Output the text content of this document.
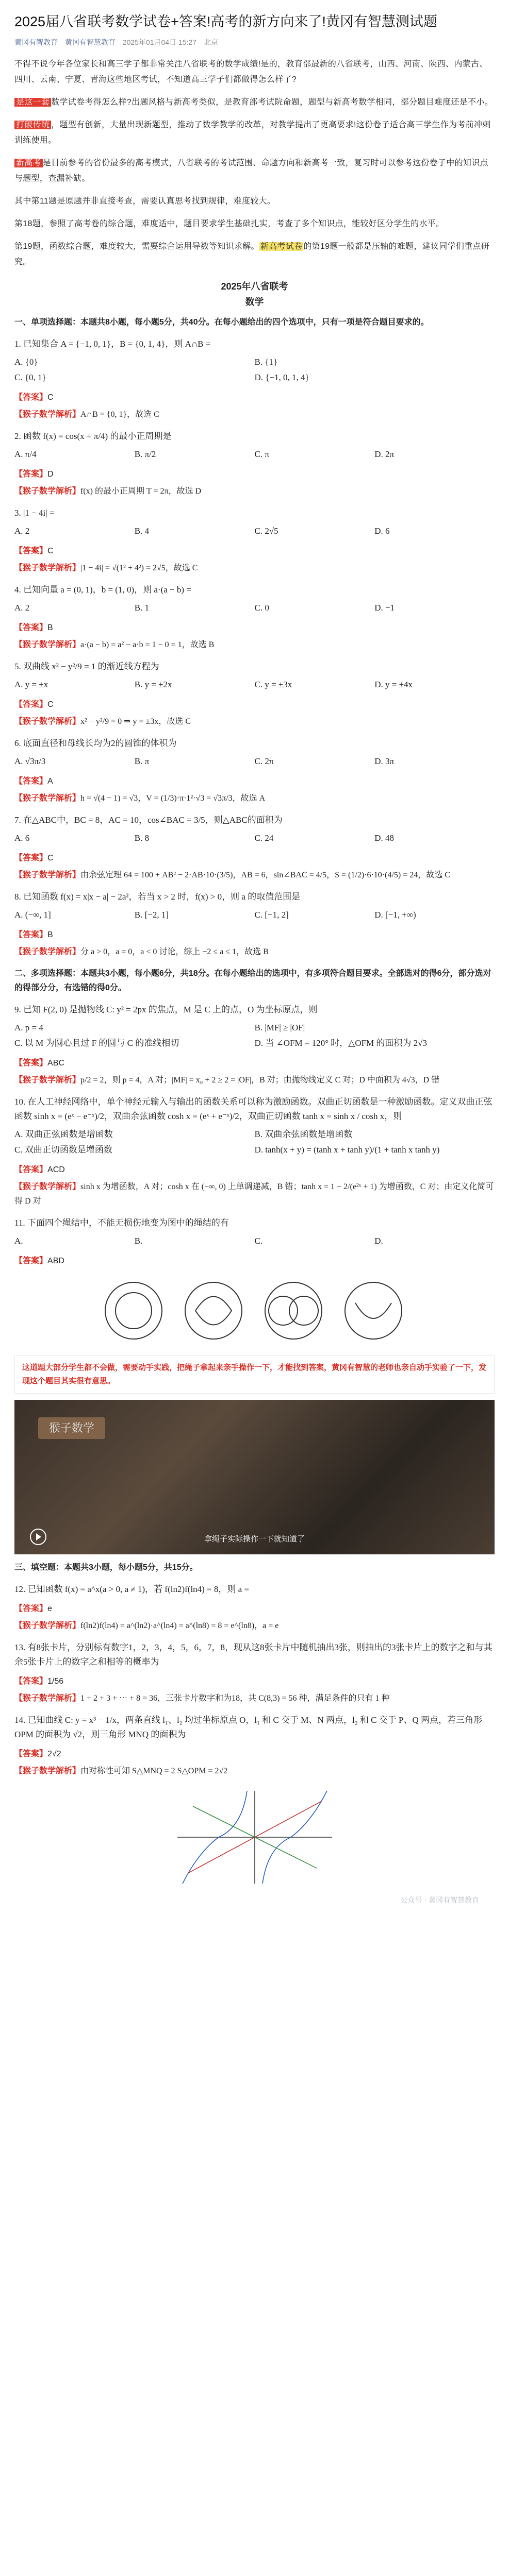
2025届八省联考数学试卷+答案!高考的新方向来了!黄冈有智慧测试题
黄冈有智教育 黄冈有智慧教育 2025年01月04日 15:27 北京

不得不说今年各位家长和高三学子都非常关注八省联考的数学成绩!是的，教育部最新的八省联考，山西、河南、陕西、内蒙古、四川、云南、宁夏、青海这些地区考试，不知道高三学子们都做得怎么样了?

是这一套 数学试卷考得怎么样?出题风格与新高考类似，是教育部考试院命题，题型与新高考数学相同，部分题目难度还是不小。

打破传统 ，题型有创新，大量出现新题型，推动了数学教学的改革，对教学提出了更高要求!这份卷子适合高三学生作为考前冲刺训练使用。

新高考 是目前参考的省份最多的高考模式，八省联考的考试范围、命题方向和新高考一致，复习时可以参考这份卷子中的知识点与题型，查漏补缺。

其中第11题是原题并非直接考查，需要认真思考找到规律，难度较大。

第18题，参照了高考卷的综合题，难度适中，题目要求学生基础扎实，考查了多个知识点，能较好区分学生的水平。

第19题，函数综合题，难度较大，需要综合运用导数等知识求解。 新高考试卷 的第19题一般都是压轴的难题，建议同学们重点研究。

2025年八省联考
数学
一、单项选择题：本题共8小题，每小题5分，共40分。在每小题给出的四个选项中，只有一项是符合题目要求的。
1. 已知集合 A = {−1, 0, 1}，B = {0, 1, 4}，则 A∩B =
A. {0}	B. {1}
C. {0, 1}	D. {−1, 0, 1, 4}
【答案】C
【猴子数学解析】A∩B = {0, 1}，故选 C
2. 函数 f(x) = cos(x + π/4) 的最小正周期是
A. π/4	B. π/2	C. π	D. 2π
【答案】D
【猴子数学解析】f(x) 的最小正周期 T = 2π，故选 D
3. |1 − 4i| =
A. 2	B. 4	C. 2√5	D. 6
【答案】C
【猴子数学解析】|1 − 4i| = √(1² + 4²) = 2√5，故选 C
4. 已知向量 a = (0, 1)，b = (1, 0)，则 a·(a − b) =
A. 2	B. 1	C. 0	D. −1
【答案】B
【猴子数学解析】a·(a − b) = a² − a·b = 1 − 0 = 1，故选 B
5. 双曲线 x² − y²/9 = 1 的渐近线方程为
A. y = ±x	B. y = ±2x	C. y = ±3x	D. y = ±4x
【答案】C
【猴子数学解析】x² − y²/9 = 0 ⇒ y = ±3x，故选 C
6. 底面直径和母线长均为2的圆锥的体积为
A. √3π/3	B. π	C. 2π	D. 3π
【答案】A
【猴子数学解析】h = √(4 − 1) = √3，V = (1/3)·π·1²·√3 = √3π/3，故选 A
7. 在△ABC中，BC = 8，AC = 10，cos∠BAC = 3/5，则△ABC的面积为
A. 6	B. 8	C. 24	D. 48
【答案】C
【猴子数学解析】由余弦定理 64 = 100 + AB² − 2·AB·10·(3/5)，AB = 6，sin∠BAC = 4/5，S = (1/2)·6·10·(4/5) = 24，故选 C
8. 已知函数 f(x) = x|x − a| − 2a²，若当 x > 2 时，f(x) > 0，则 a 的取值范围是
A. (−∞, 1]	B. [−2, 1]	C. [−1, 2]	D. [−1, +∞)
【答案】B
【猴子数学解析】分 a > 0，a = 0，a < 0 讨论，综上 −2 ≤ a ≤ 1，故选 B
二、多项选择题：本题共3小题，每小题6分，共18分。在每小题给出的选项中，有多项符合题目要求。全部选对的得6分，部分选对的得部分分，有选错的得0分。
9. 已知 F(2, 0) 是抛物线 C: y² = 2px 的焦点，M 是 C 上的点，O 为坐标原点，则
A. p = 4	B. |MF| ≥ |OF|
C. 以 M 为圆心且过 F 的圆与 C 的准线相切	D. 当 ∠OFM = 120° 时，△OFM 的面积为 2√3
【答案】ABC
【猴子数学解析】p/2 = 2，则 p = 4，A 对；|MF| = x₀ + 2 ≥ 2 = |OF|，B 对；由抛物线定义 C 对；D 中面积为 4√3，D 错
10. 在人工神经网络中，单个神经元输入与输出的函数关系可以称为激励函数。双曲正切函数是一种激励函数。定义双曲正弦函数 sinh x = (eˣ − e⁻ˣ)/2，双曲余弦函数 cosh x = (eˣ + e⁻ˣ)/2，双曲正切函数 tanh x = sinh x / cosh x，则
A. 双曲正弦函数是增函数	B. 双曲余弦函数是增函数
C. 双曲正切函数是增函数	D. tanh(x + y) = (tanh x + tanh y)/(1 + tanh x tanh y)
【答案】ACD
【猴子数学解析】sinh x 为增函数，A 对；cosh x 在 (−∞, 0) 上单调递减，B 错；tanh x = 1 − 2/(e²ˣ + 1) 为增函数，C 对；由定义化简可得 D 对
11. 下面四个绳结中，不能无损伤地变为图中的绳结的有
A.	B.	C.	D.
【答案】ABD
这道题大部分学生都不会做，需要动手实践，把绳子拿起来亲手操作一下，才能找到答案，黄冈有智慧的老师也亲自动手实验了一下，发现这个题目其实很有意思。
猴子数学
拿绳子实际操作一下就知道了
三、填空题：本题共3小题，每小题5分，共15分。
12. 已知函数 f(x) = a^x(a > 0, a ≠ 1)，若 f(ln2)f(ln4) = 8，则 a =
【答案】e
【猴子数学解析】f(ln2)f(ln4) = a^(ln2)·a^(ln4) = a^(ln8) = 8 = e^(ln8)，a = e
13. 有8张卡片，分别标有数字1，2，3，4，5，6，7，8，现从这8张卡片中随机抽出3张，则抽出的3张卡片上的数字之和与其余5张卡片上的数字之和相等的概率为
【答案】1/56
【猴子数学解析】1 + 2 + 3 + ⋯ + 8 = 36，三张卡片数字和为18，共 C(8,3) = 56 种，满足条件的只有 1 种
14. 已知曲线 C: y = x³ − 1/x，两条直线 l₁、l₂ 均过坐标原点 O，l₁ 和 C 交于 M、N 两点，l₂ 和 C 交于 P、Q 两点，若三角形 OPM 的面积为 √2，则三角形 MNQ 的面积为
【答案】2√2
【猴子数学解析】由对称性可知 S△MNQ = 2 S△OPM = 2√2
公众号 · 黄冈有智慧教育
